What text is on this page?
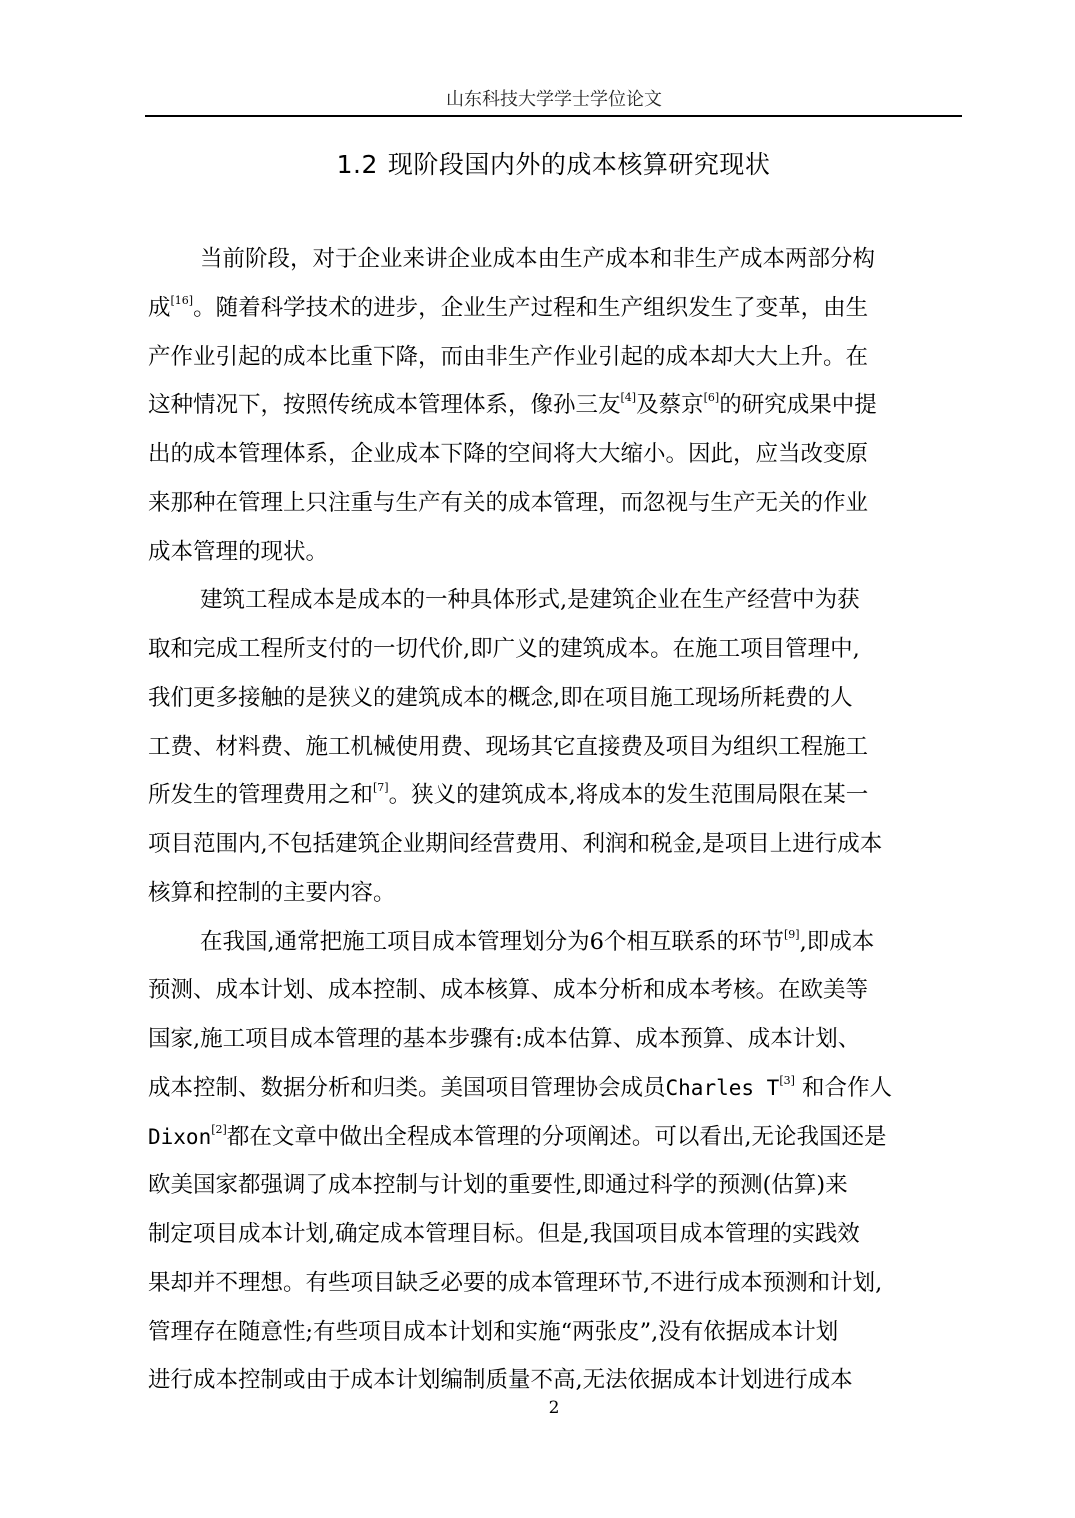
山东科技大学学士学位论文
1.2 现阶段国内外的成本核算研究现状
当前阶段，对于企业来讲企业成本由生产成本和非生产成本两部分构
成[16]。随着科学技术的进步，企业生产过程和生产组织发生了变革，由生
产作业引起的成本比重下降，而由非生产作业引起的成本却大大上升。在
这种情况下，按照传统成本管理体系，像孙三友[4]及蔡京[6]的研究成果中提
出的成本管理体系，企业成本下降的空间将大大缩小。因此，应当改变原
来那种在管理上只注重与生产有关的成本管理，而忽视与生产无关的作业
成本管理的现状。
建筑工程成本是成本的一种具体形式,是建筑企业在生产经营中为获
取和完成工程所支付的一切代价,即广义的建筑成本。在施工项目管理中,
我们更多接触的是狭义的建筑成本的概念,即在项目施工现场所耗费的人
工费、材料费、施工机械使用费、现场其它直接费及项目为组织工程施工
所发生的管理费用之和[7]。狭义的建筑成本,将成本的发生范围局限在某一
项目范围内,不包括建筑企业期间经营费用、利润和税金,是项目上进行成本
核算和控制的主要内容。
在我国,通常把施工项目成本管理划分为6个相互联系的环节[9],即成本
预测、成本计划、成本控制、成本核算、成本分析和成本考核。在欧美等
国家,施工项目成本管理的基本步骤有:成本估算、成本预算、成本计划、
成本控制、数据分析和归类。美国项目管理协会成员Charles T[3] 和合作人
Dixon[2]都在文章中做出全程成本管理的分项阐述。可以看出,无论我国还是
欧美国家都强调了成本控制与计划的重要性,即通过科学的预测(估算)来
制定项目成本计划,确定成本管理目标。但是,我国项目成本管理的实践效
果却并不理想。有些项目缺乏必要的成本管理环节,不进行成本预测和计划,
管理存在随意性;有些项目成本计划和实施“两张皮”,没有依据成本计划
进行成本控制或由于成本计划编制质量不高,无法依据成本计划进行成本
2
